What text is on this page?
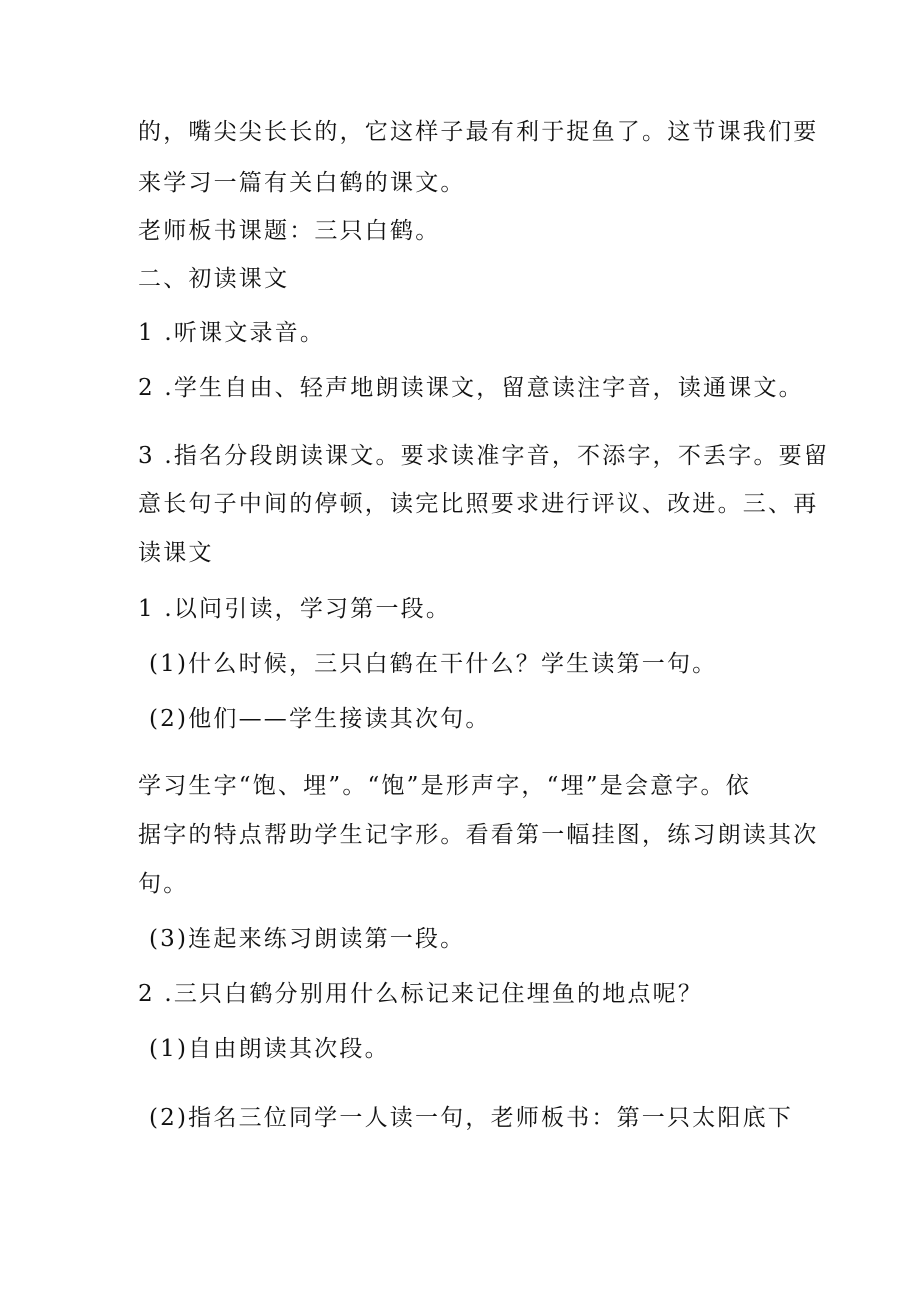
的，嘴尖尖长长的，它这样子最有利于捉鱼了。这节课我们要
来学习一篇有关白鹤的课文。
老师板书课题：三只白鹤。
二、初读课文
1 .听课文录音。
2 .学生自由、轻声地朗读课文，留意读注字音，读通课文。
3 .指名分段朗读课文。要求读准字音，不添字，不丢字。要留
意长句子中间的停顿，读完比照要求进行评议、改进。三、再
读课文
1 .以问引读，学习第一段。
(1)什么时候，三只白鹤在干什么？学生读第一句。
(2)他们——学生接读其次句。
学习生字“饱、埋”。“饱”是形声字，“埋”是会意字。依
据字的特点帮助学生记字形。看看第一幅挂图，练习朗读其次
句。
(3)连起来练习朗读第一段。
2 .三只白鹤分别用什么标记来记住埋鱼的地点呢？
(1)自由朗读其次段。
(2)指名三位同学一人读一句，老师板书：第一只太阳底下
